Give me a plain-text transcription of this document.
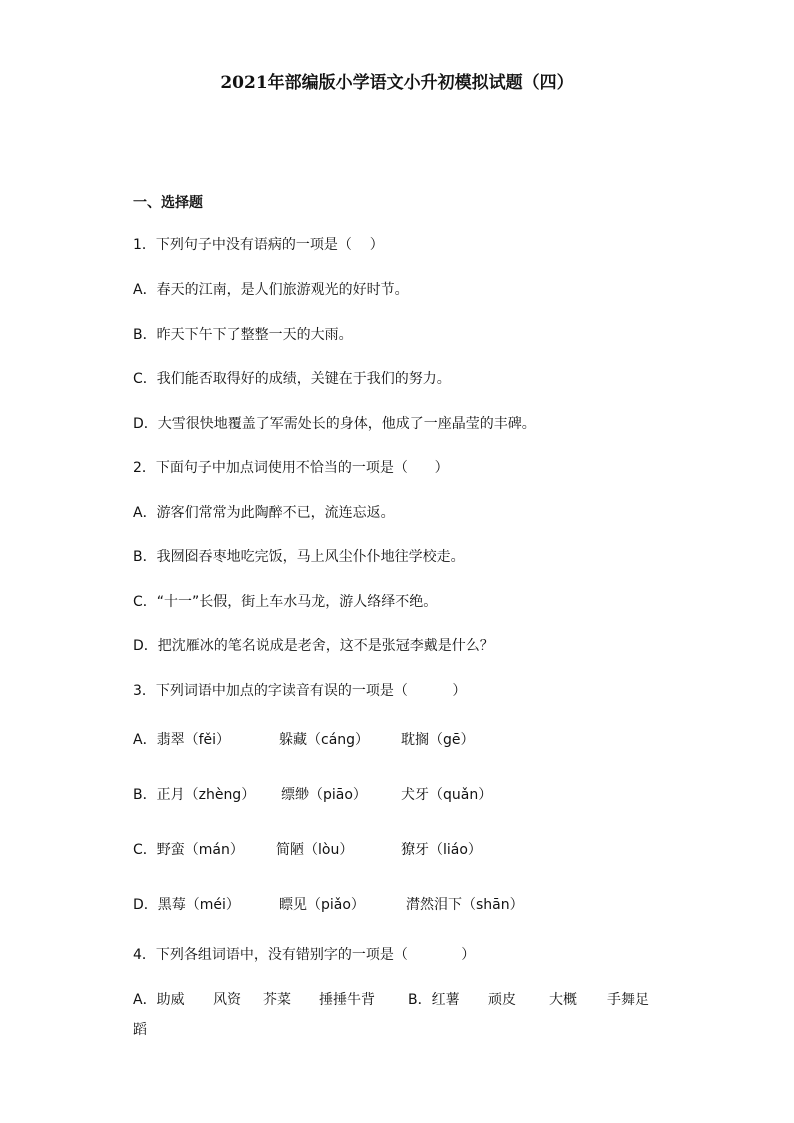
2021年部编版小学语文小升初模拟试题（四）
一、选择题
1．下列句子中没有语病的一项是（    ）
A．春天的江南，是人们旅游观光的好时节。
B．昨天下午下了整整一天的大雨。
C．我们能否取得好的成绩，关键在于我们的努力。
D．大雪很快地覆盖了军需处长的身体，他成了一座晶莹的丰碑。
2．下面句子中加点词使用不恰当的一项是（      ）
A．游客们常常为此陶醉不已，流连忘返。
B．我囫囵吞枣地吃完饭，马上风尘仆仆地往学校走。
C．“十一”长假，街上车水马龙，游人络绎不绝。
D．把沈雁冰的笔名说成是老舍，这不是张冠李戴是什么？
3．下列词语中加点的字读音有误的一项是（          ）
A．翡翠（fěi）	躲藏（cáng） 耽搁（gē）
B．正月（zhèng） 缥缈（piāo） 犬牙（quǎn）
C．野蛮（mán） 简陋（lòu）	獠牙（liáo）
D．黑莓（méi）	瞟见（piǎo）	潸然泪下（shān）
4．下列各组词语中，没有错别字的一项是（            ）
A．助威 风资 芥菜 捶捶牛背 B．红薯 顽皮 大概 手舞足
蹈
